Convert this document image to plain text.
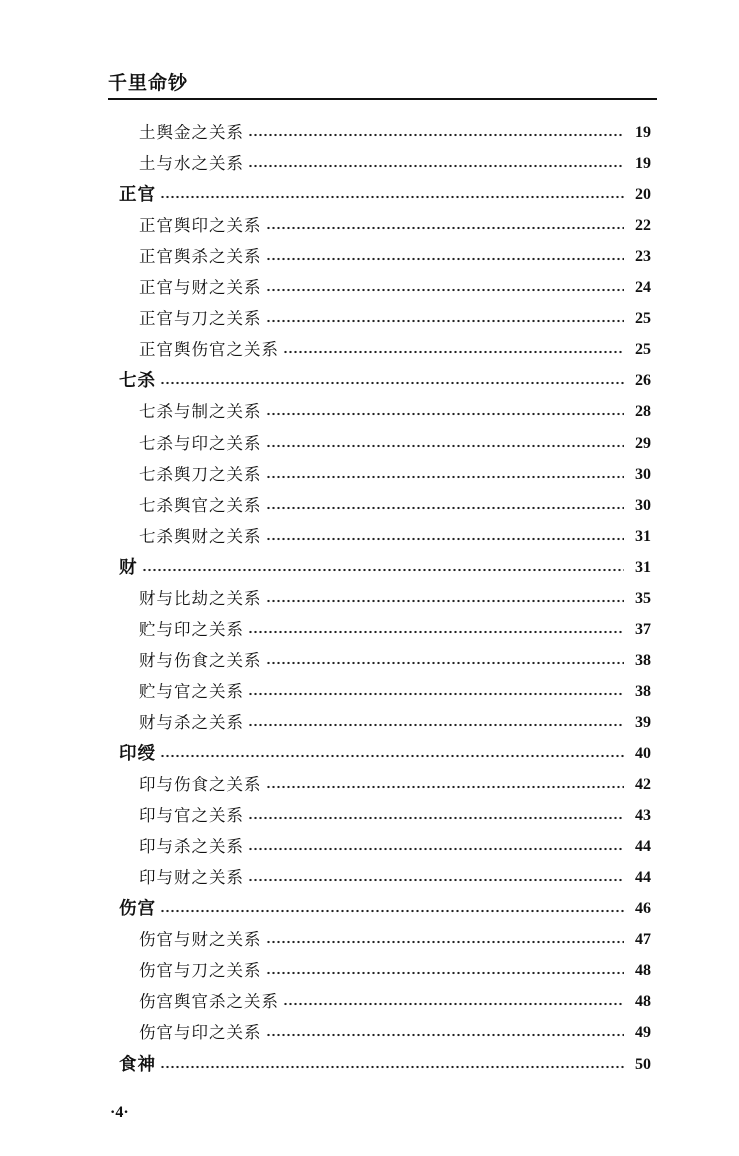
千里命钞
土舆金之关系	19
土与水之关系	19
正官	20
正官舆印之关系	22
正官舆杀之关系	23
正官与财之关系	24
正官与刀之关系	25
正官舆伤官之关系	25
七杀	26
七杀与制之关系	28
七杀与印之关系	29
七杀舆刀之关系	30
七杀舆官之关系	30
七杀舆财之关系	31
财	31
财与比劫之关系	35
贮与印之关系	37
财与伤食之关系	38
贮与官之关系	38
财与杀之关系	39
印绶	40
印与伤食之关系	42
印与官之关系	43
印与杀之关系	44
印与财之关系	44
伤宫	46
伤官与财之关系	47
伤官与刀之关系	48
伤宫舆官杀之关系	48
伤官与印之关系	49
食神	50
·4·
